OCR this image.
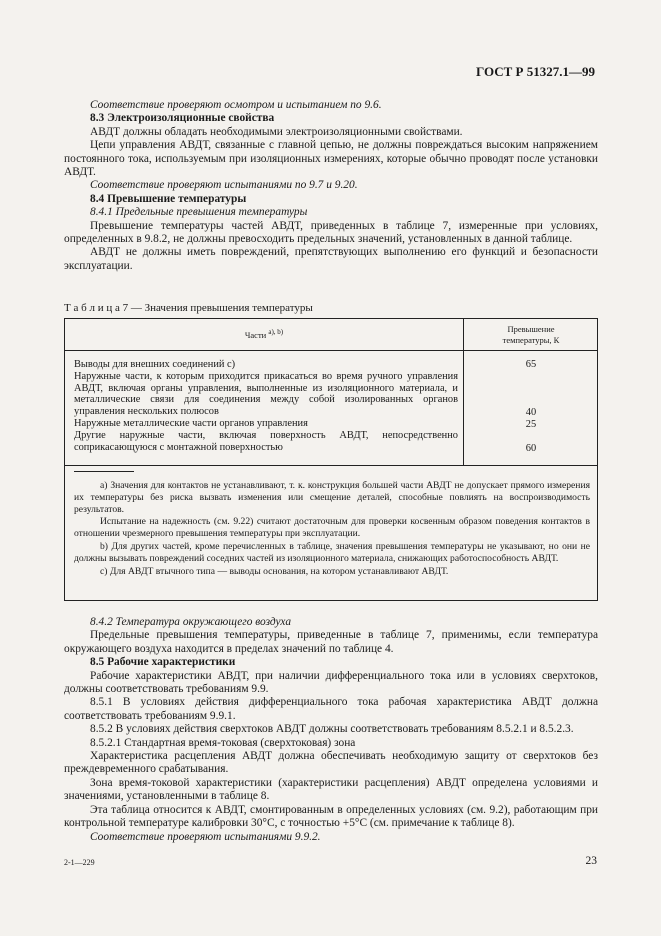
ГОСТ Р 51327.1—99

Соответствие проверяют осмотром и испытанием по 9.6.

8.3 Электроизоляционные свойства

АВДТ должны обладать необходимыми электроизоляционными свойствами.

Цепи управления АВДТ, связанные с главной цепью, не должны повреждаться высоким напряжением постоянного тока, используемым при изоляционных измерениях, которые обычно проводят после установки АВДТ.

Соответствие проверяют испытаниями по 9.7 и 9.20.

8.4 Превышение температуры

8.4.1 Предельные превышения температуры

Превышение температуры частей АВДТ, приведенных в таблице 7, измеренные при условиях, определенных в 9.8.2, не должны превосходить предельных значений, установленных в данной таблице.

АВДТ не должны иметь повреждений, препятствующих выполнению его функций и безопасности эксплуатации.

Т а б л и ц а 7 — Значения превышения температуры
Части $^{а), b)}$	Превышение
температуры, К
Выводы для внешних соединений с)
Наружные части, к которым приходится прикасаться во время ручного управления АВДТ, включая органы управления, выполненные из изоляционного материала, и металлические связи для соединения между собой изолированных органов управления нескольких полюсов
Наружные металлические части органов управления
Другие наружные части, включая поверхность АВДТ, непосредственно соприкасающуюся с монтажной поверхностью
65
40
25
60

а) Значения для контактов не устанавливают, т. к. конструкция большей части АВДТ не допускает прямого измерения их температуры без риска вызвать изменения или смещение деталей, способные повлиять на воспроизводимость результатов.

Испытание на надежность (см. 9.22) считают достаточным для проверки косвенным образом поведения контактов в отношении чрезмерного превышения температуры при эксплуатации.

b) Для других частей, кроме перечисленных в таблице, значения превышения температуры не указывают, но они не должны вызывать повреждений соседних частей из изоляционного материала, снижающих работоспособность АВДТ.

с) Для АВДТ втычного типа — выводы основания, на котором устанавливают АВДТ.

8.4.2 Температура окружающего воздуха

Предельные превышения температуры, приведенные в таблице 7, применимы, если температура окружающего воздуха находится в пределах значений по таблице 4.

8.5 Рабочие характеристики

Рабочие характеристики АВДТ, при наличии дифференциального тока или в условиях сверхтоков, должны соответствовать требованиям 9.9.

8.5.1 В условиях действия дифференциального тока рабочая характеристика АВДТ должна соответствовать требованиям 9.9.1.

8.5.2 В условиях действия сверхтоков АВДТ должны соответствовать требованиям 8.5.2.1 и 8.5.2.3.

8.5.2.1 Стандартная время-токовая (сверхтоковая) зона

Характеристика расцепления АВДТ должна обеспечивать необходимую защиту от сверхтоков без преждевременного срабатывания.

Зона время-токовой характеристики (характеристики расцепления) АВДТ определена условиями и значениями, установленными в таблице 8.

Эта таблица относится к АВДТ, смонтированным в определенных условиях (см. 9.2), работающим при контрольной температуре калибровки 30°С, с точностью +5°С (см. примечание к таблице 8).

Соответствие проверяют испытаниями 9.9.2.

2-1—229	23
